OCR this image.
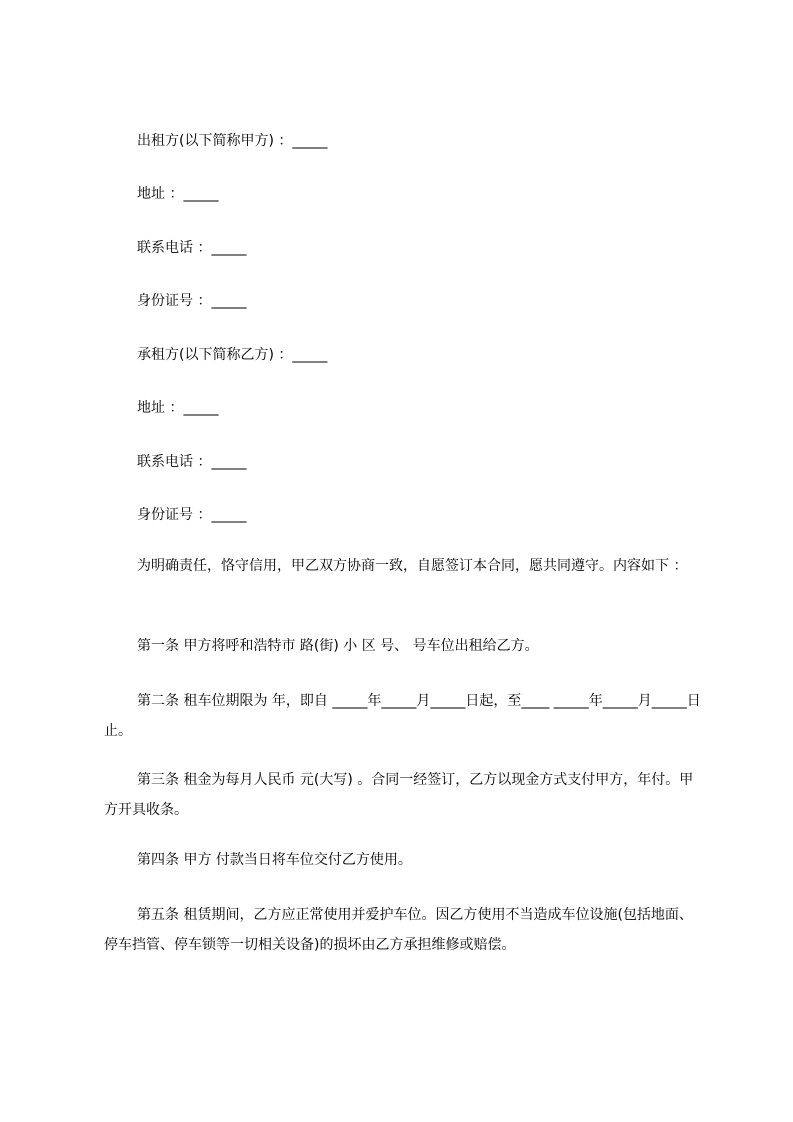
出租方(以下简称甲方) ：_____

地址 ：_____

联系电话 ：_____

身份证号 ：_____

承租方(以下简称乙方) ：_____

地址 ：_____

联系电话 ：_____

身份证号 ：_____

为明确责任，恪守信用，甲乙双方协商一致，自愿签订本合同，愿共同遵守。内容如下 ：

第一条 甲方将呼和浩特市 路(街) 小 区 号、 号车位出租给乙方。

第二条 租车位期限为 年，即自 _____年_____月_____日起，至____ _____年_____月_____日止。

第三条 租金为每月人民币 元(大写) 。合同一经签订，乙方以现金方式支付甲方，年付。甲方开具收条。

第四条 甲方 付款当日将车位交付乙方使用。

第五条 租赁期间，乙方应正常使用并爱护车位。因乙方使用不当造成车位设施(包括地面、停车挡管、停车锁等一切相关设备)的损坏由乙方承担维修或赔偿。
